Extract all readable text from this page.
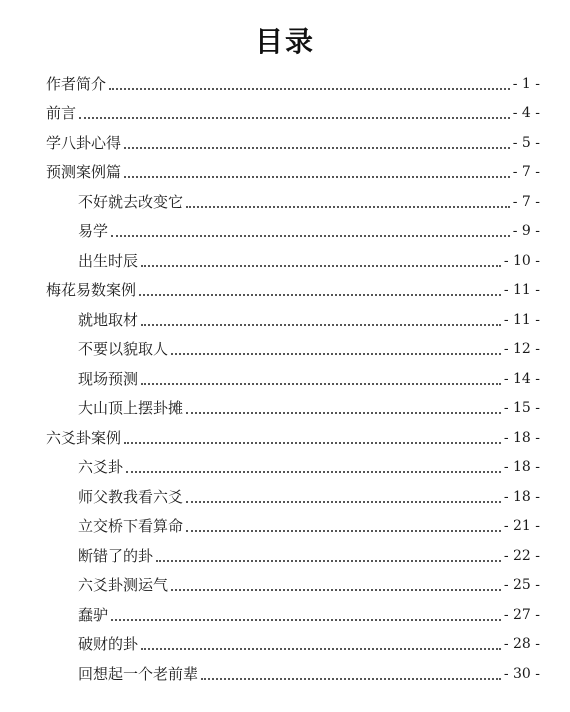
目录
作者简介	- 1 -
前言	- 4 -
学八卦心得	- 5 -
预测案例篇	- 7 -
不好就去改变它	- 7 -
易学	- 9 -
出生时辰	- 10 -
梅花易数案例	- 11 -
就地取材	- 11 -
不要以貌取人	- 12 -
现场预测	- 14 -
大山顶上摆卦摊	- 15 -
六爻卦案例	- 18 -
六爻卦	- 18 -
师父教我看六爻	- 18 -
立交桥下看算命	- 21 -
断错了的卦	- 22 -
六爻卦测运气	- 25 -
蠢驴	- 27 -
破财的卦	- 28 -
回想起一个老前辈	- 30 -
